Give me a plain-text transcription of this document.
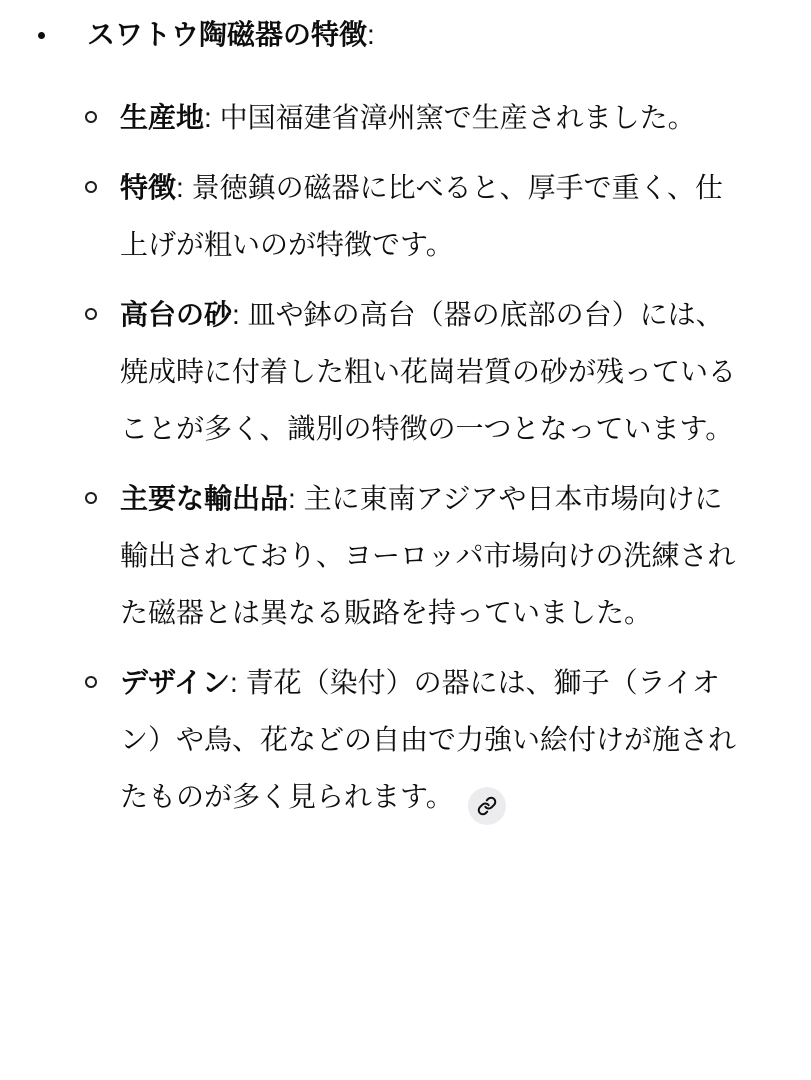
スワトウ陶磁器の特徴:

生産地: 中国福建省漳州窯で生産されました。

特徴: 景徳鎮の磁器に比べると、厚手で重く、仕上げが粗いのが特徴です。

高台の砂: 皿や鉢の高台（器の底部の台）には、焼成時に付着した粗い花崗岩質の砂が残っていることが多く、識別の特徴の一つとなっています。

主要な輸出品: 主に東南アジアや日本市場向けに輸出されており、ヨーロッパ市場向けの洗練された磁器とは異なる販路を持っていました。

デザイン: 青花（染付）の器には、獅子（ライオン）や鳥、花などの自由で力強い絵付けが施されたものが多く見られます。
